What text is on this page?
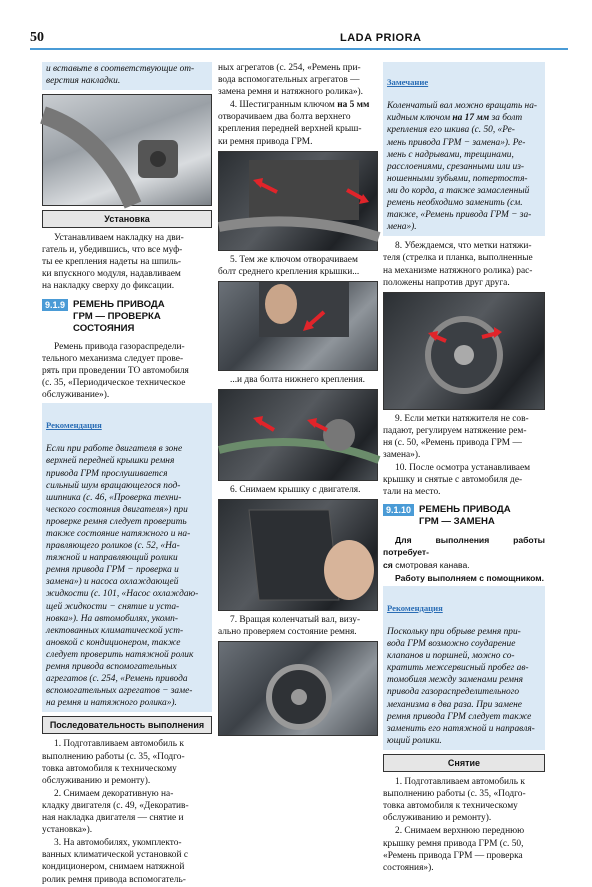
50	LADA PRIORA
и вставьте в соответствующие от-
верстия накладки.
Установка
Устанавливаем накладку на дви-
гатель и, убедившись, что все муф-
ты ее крепления надеты на шпиль-
ки впускного модуля, надавливаем
на накладку сверху до фиксации.
9.1.9 РЕМЕНЬ ПРИВОДА
ГРМ — ПРОВЕРКА СОСТОЯНИЯ
Ремень привода газораспредели-
тельного механизма следует прове-
рять при проведении ТО автомобиля
(с. 35, «Периодическое техническое
обслуживание»).

Рекомендация

Если при работе двигателя в зоне
верхней передней крышки ремня
привода ГРМ прослушивается
сильный шум вращающегося под-
шипника (с. 46, «Проверка техни-
ческого состояния двигателя») при
проверке ремня следует проверить
также состояние натяжного и на-
правляющего роликов (с. 52, «На-
тяжной и направляющий ролики
ремня привода ГРМ − проверка и
замена») и насоса охлаждающей
жидкости (с. 101, «Насос охлаждаю-
щей жидкости − снятие и уста-
новка»). На автомобилях, укомп-
лектованных климатической уст-
ановкой с кондиционером, также
следует проверить натяжной ролик
ремня привода вспомогательных
агрегатов (с. 254, «Ремень привода
вспомогательных агрегатов − заме-
на ремня и натяжного ролика»).

Последовательность выполнения
1. Подготавливаем автомобиль к
выполнению работы (с. 35, «Подго-
товка автомобиля к техническому
обслуживанию и ремонту).
2. Снимаем декоративную на-
кладку двигателя (с. 49, «Декоратив-
ная накладка двигателя — снятие и
установка»).
3. На автомобилях, укомплекто-
ванных климатической установкой с
кондиционером, снимаем натяжной
ролик ремня привода вспомогатель-
ных агрегатов (с. 254, «Ремень при-
вода вспомогательных агрегатов —
замена ремня и натяжного ролика»).
4. Шестигранным ключом на 5 мм
отворачиваем два болта верхнего
крепления передней верхней крыш-
ки ремня привода ГРМ.
5. Тем же ключом отворачиваем
болт среднего крепления крышки...
...и два болта нижнего крепления.
6. Снимаем крышку с двигателя.
7. Вращая коленчатый вал, визу-
ально проверяем состояние ремня.

Замечание

Коленчатый вал можно вращать на-
кидным ключом на 17 мм за болт
крепления его шкива (с. 50, «Ре-
мень привода ГРМ − замена»). Ре-
мень с надрывами, трещинами,
расслоениями, срезанными или из-
ношенными зубьями, потертостя-
ми до корда, а также замасленный
ремень необходимо заменить (см.
также, «Ремень привода ГРМ − за-
мена»).

8. Убеждаемся, что метки натяжи-
теля (стрелка и планка, выполненные
на механизме натяжного ролика) рас-
положены напротив друг друга.
9. Если метки натяжителя не сов-
падают, регулируем натяжение рем-
ня (с. 50, «Ремень привода ГРМ —
замена»).
10. После осмотра устанавливаем
крышку и снятые с автомобиля де-
тали на место.
9.1.10 РЕМЕНЬ ПРИВОДА
ГРМ — ЗАМЕНА
Для выполнения работы потребует-
ся смотровая канава.
Работу выполняем с помощником.

Рекомендация

Поскольку при обрыве ремня при-
вода ГРМ возможно соударение
клапанов и поршней, можно со-
кратить межсервисный пробег ав-
томобиля между заменами ремня
привода газораспределительного
механизма в два раза. При замене
ремня привода ГРМ следует также
заменить его натяжной и направля-
ющий ролики.

Снятие
1. Подготавливаем автомобиль к
выполнению работы (с. 35, «Подго-
товка автомобиля к техническому
обслуживанию и ремонту).
2. Снимаем верхнюю переднюю
крышку ремня привода ГРМ (с. 50,
«Ремень привода ГРМ — проверка
состояния»).
